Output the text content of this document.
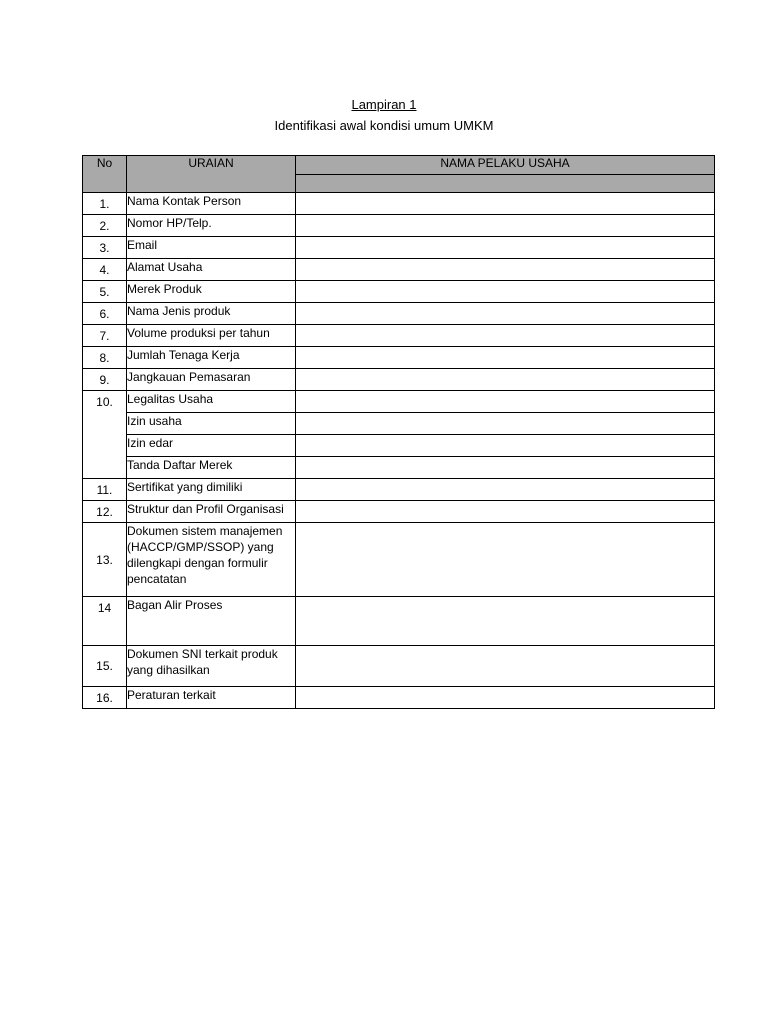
Lampiran 1
Identifikasi awal kondisi umum UMKM
No	URAIAN	NAMA PELAKU USAHA

1.	Nama Kontak Person	
2.	Nomor HP/Telp.	
3.	Email	
4.	Alamat Usaha	
5.	Merek Produk	
6.	Nama Jenis produk	
7.	Volume produksi per tahun	
8.	Jumlah Tenaga Kerja	
9.	Jangkauan Pemasaran	
10.	Legalitas Usaha	
	Izin usaha	
	Izin edar	
	Tanda Daftar Merek	
11.	Sertifikat yang dimiliki	
12.	Struktur dan Profil Organisasi	
13.	Dokumen sistem manajemen (HACCP/GMP/SSOP) yang dilengkapi dengan formulir pencatatan	
14	Bagan Alir Proses	
15.	Dokumen SNI terkait produk yang dihasilkan	
16.	Peraturan terkait	
